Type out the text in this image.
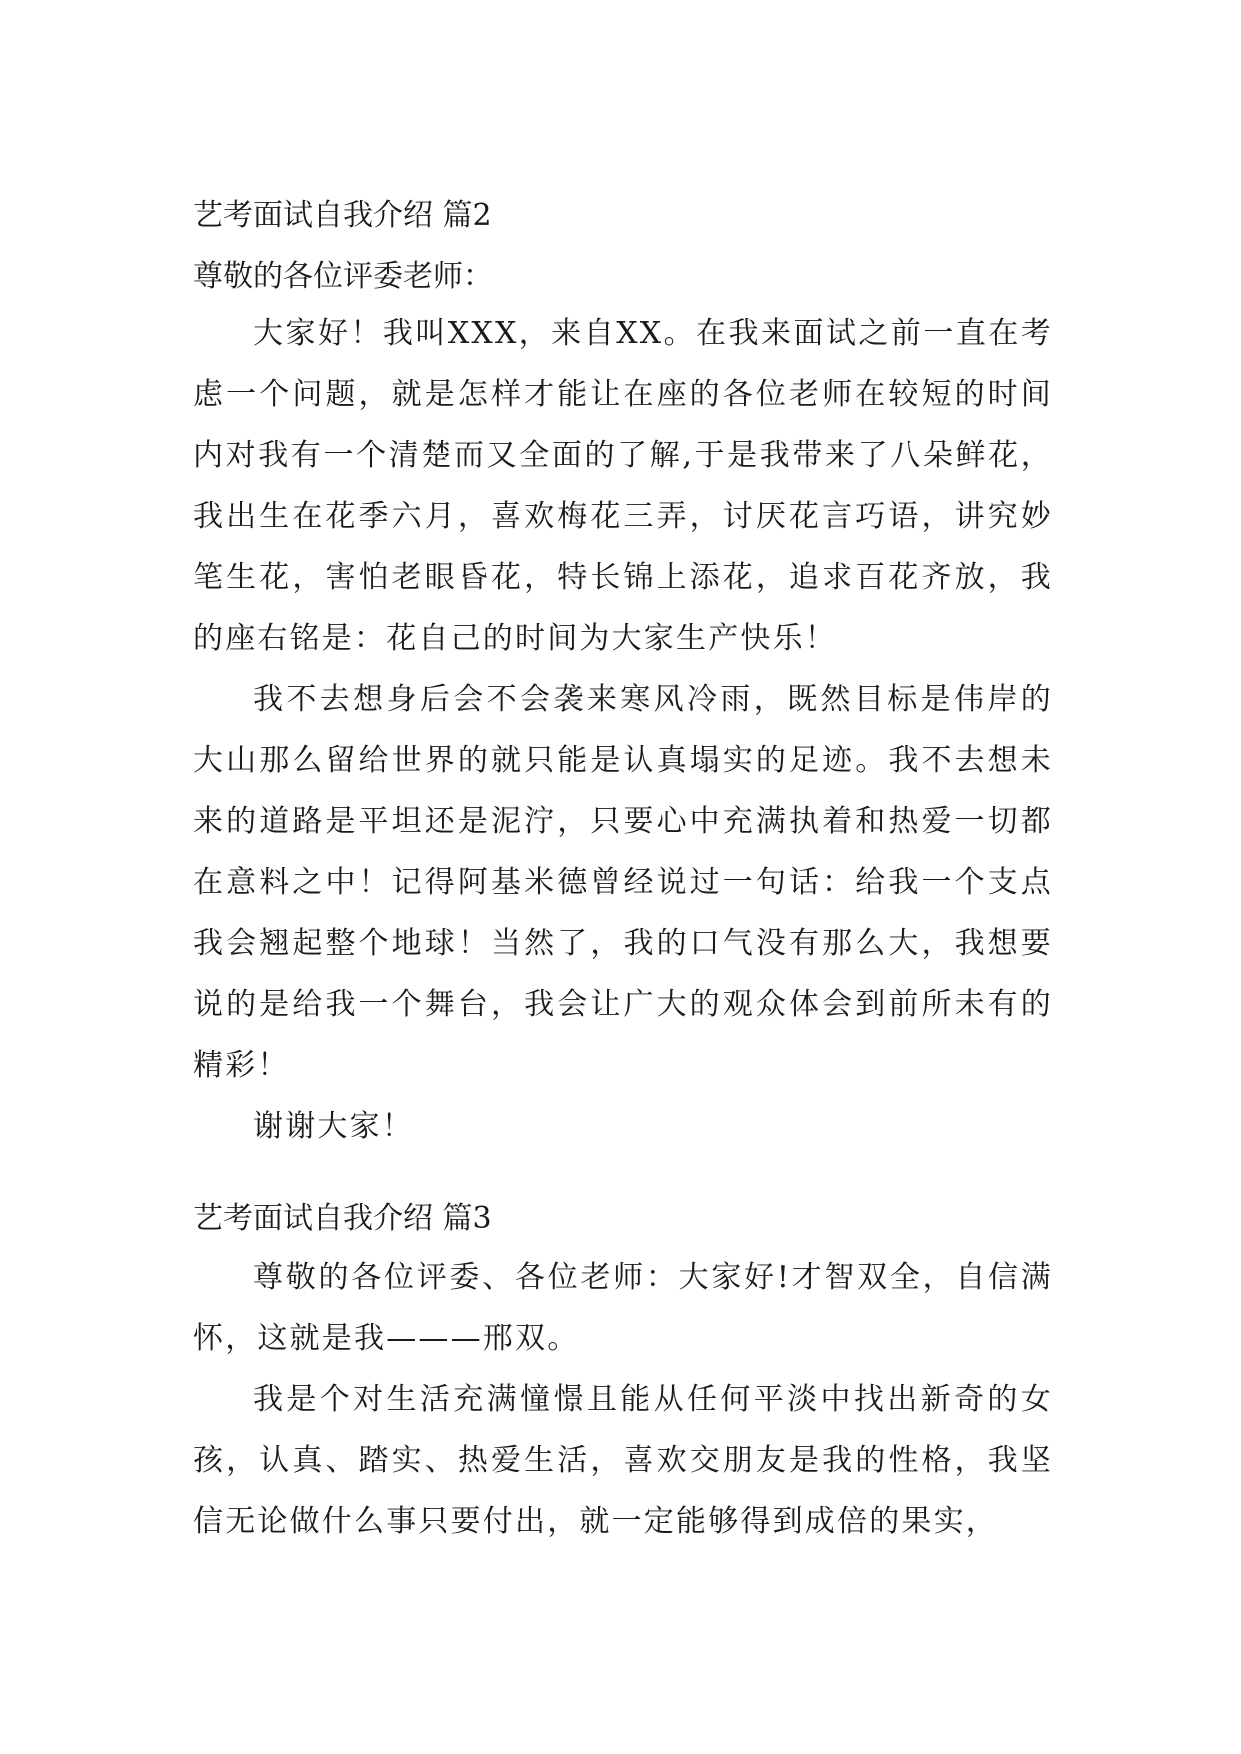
艺考面试自我介绍 篇2

尊敬的各位评委老师：

大家好！我叫XXX，来自XX。在我来面试之前一直在考虑一个问题，就是怎样才能让在座的各位老师在较短的时间内对我有一个清楚而又全面的了解,于是我带来了八朵鲜花，我出生在花季六月，喜欢梅花三弄，讨厌花言巧语，讲究妙笔生花，害怕老眼昏花，特长锦上添花，追求百花齐放，我的座右铭是：花自己的时间为大家生产快乐！

我不去想身后会不会袭来寒风冷雨，既然目标是伟岸的大山那么留给世界的就只能是认真塌实的足迹。我不去想未来的道路是平坦还是泥泞，只要心中充满执着和热爱一切都在意料之中！记得阿基米德曾经说过一句话：给我一个支点我会翘起整个地球！当然了，我的口气没有那么大，我想要说的是给我一个舞台，我会让广大的观众体会到前所未有的精彩！

谢谢大家！

艺考面试自我介绍 篇3

尊敬的各位评委、各位老师：大家好!才智双全，自信满怀，这就是我———邢双。

我是个对生活充满憧憬且能从任何平淡中找出新奇的女孩，认真、踏实、热爱生活，喜欢交朋友是我的性格，我坚信无论做什么事只要付出，就一定能够得到成倍的果实，
